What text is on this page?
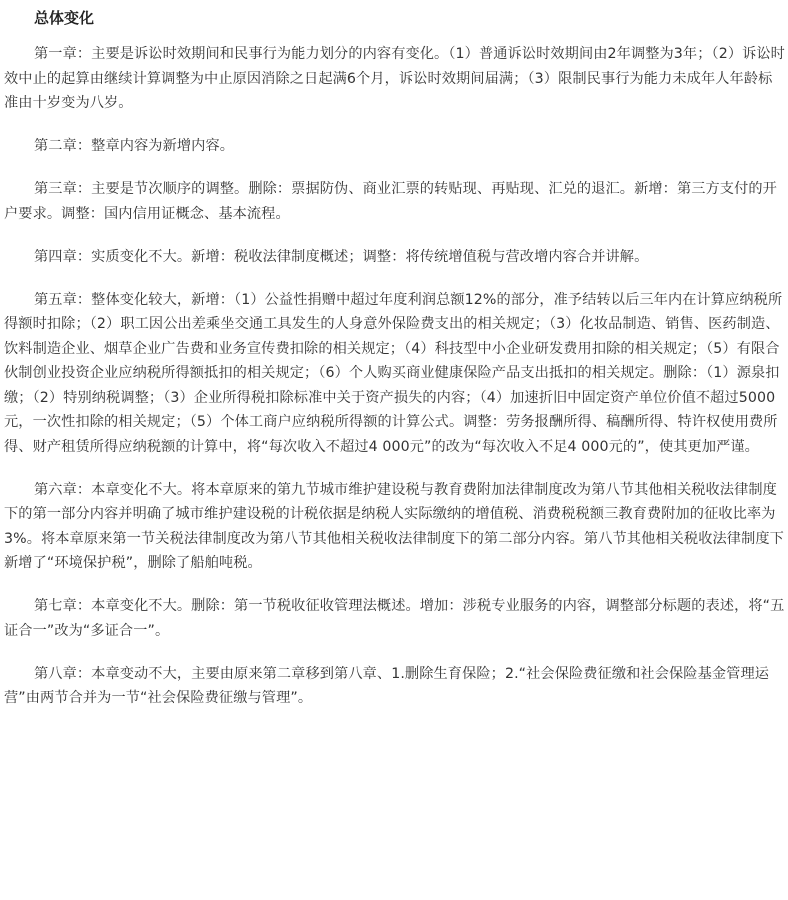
总体变化

第一章：主要是诉讼时效期间和民事行为能力划分的内容有变化。（1）普通诉讼时效期间由2年调整为3年；（2）诉讼时效中止的起算由继续计算调整为中止原因消除之日起满6个月，诉讼时效期间届满；（3）限制民事行为能力未成年人年龄标准由十岁变为八岁。

第二章：整章内容为新增内容。

第三章：主要是节次顺序的调整。删除：票据防伪、商业汇票的转贴现、再贴现、汇兑的退汇。新增：第三方支付的开户要求。调整：国内信用证概念、基本流程。

第四章：实质变化不大。新增：税收法律制度概述；调整：将传统增值税与营改增内容合并讲解。

第五章：整体变化较大，新增：（1）公益性捐赠中超过年度利润总额12%的部分，准予结转以后三年内在计算应纳税所得额时扣除；（2）职工因公出差乘坐交通工具发生的人身意外保险费支出的相关规定；（3）化妆品制造、销售、医药制造、饮料制造企业、烟草企业广告费和业务宣传费扣除的相关规定；（4）科技型中小企业研发费用扣除的相关规定；（5）有限合伙制创业投资企业应纳税所得额抵扣的相关规定；（6）个人购买商业健康保险产品支出抵扣的相关规定。删除：（1）源泉扣缴；（2）特别纳税调整；（3）企业所得税扣除标准中关于资产损失的内容；（4）加速折旧中固定资产单位价值不超过5000元，一次性扣除的相关规定；（5）个体工商户应纳税所得额的计算公式。调整：劳务报酬所得、稿酬所得、特许权使用费所得、财产租赁所得应纳税额的计算中，将“每次收入不超过4 000元”的改为“每次收入不足4 000元的”，使其更加严谨。

第六章：本章变化不大。将本章原来的第九节城市维护建设税与教育费附加法律制度改为第八节其他相关税收法律制度下的第一部分内容并明确了城市维护建设税的计税依据是纳税人实际缴纳的增值税、消费税税额三教育费附加的征收比率为3%。将本章原来第一节关税法律制度改为第八节其他相关税收法律制度下的第二部分内容。第八节其他相关税收法律制度下新增了“环境保护税”，删除了船舶吨税。

第七章：本章变化不大。删除：第一节税收征收管理法概述。增加：涉税专业服务的内容，调整部分标题的表述，将“五证合一”改为“多证合一”。

第八章：本章变动不大，主要由原来第二章移到第八章、1.删除生育保险；2.“社会保险费征缴和社会保险基金管理运营”由两节合并为一节“社会保险费征缴与管理”。
